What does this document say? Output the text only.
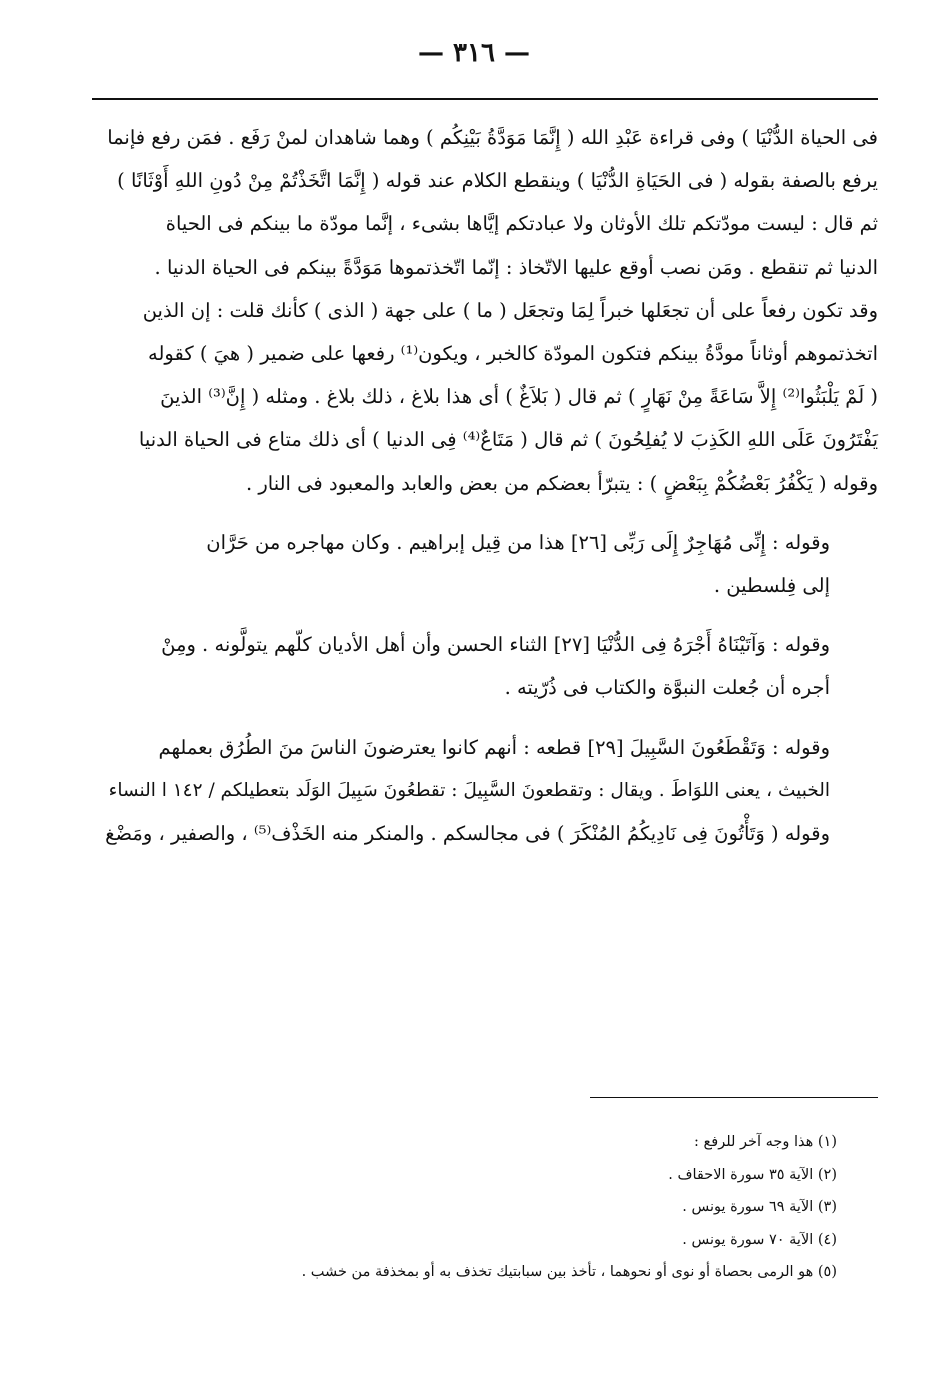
— ٣١٦ —

فى الحياة الدُّنْيَا ) وفى قراءة عَبْدِ الله ( إِنَّمَا مَوَدَّةُ بَيْنِكُم ) وهما شاهدان لمنْ رَفَع . فمَن رفع فإنما
يرفع بالصفة بقوله ( فى الحَيَاةِ الدُّنْيَا ) وينقطع الكلام عند قوله ( إِنَّمَا اتَّخَذْتُمْ مِنْ دُونِ اللهِ أَوْثَانًا )
ثم قال : ليست مودّتكم تلك الأوثان ولا عبادتكم إيَّاها بشىء ، إنَّما مودّة ما بينكم فى الحياة
الدنيا ثم تنقطع . ومَن نصب أوقع عليها الاتّخاذ : إنّما اتّخذتموها مَوَدَّةً بينكم فى الحياة الدنيا .
وقد تكون رفعاً على أن تجعَلها خبراً لِمَا وتجعَل ( ما ) على جهة ( الذى ) كأنك قلت : إن الذين
اتخذتموهم أوثاناً مودَّةُ بينكم فتكون المودّة كالخبر ، ويكون⁽¹⁾ رفعها على ضمير ( هيَ ) كقوله
( لَمْ يَلْبَثُوا⁽²⁾ إِلاَّ سَاعَةً مِنْ نَهَارٍ ) ثم قال ( بَلاَغٌ ) أى هذا بلاغ ، ذلك بلاغ . ومثله ( إِنَّ⁽³⁾ الذينَ
يَفْتَرُونَ عَلَى اللهِ الكَذِبَ لا يُفلِحُونَ ) ثم قال ( مَتَاعٌ⁽⁴⁾ فِى الدنيا ) أى ذلك متاع فى الحياة الدنيا
وقوله ( يَكْفُرُ بَعْضُكُمْ بِبَعْضٍ ) : يتبرّأ بعضكم من بعض والعابد والمعبود فى النار .

وقوله : إِنِّى مُهَاجِرٌ إِلَى رَبِّى [٢٦] هذا من قِيل إبراهيم . وكان مهاجره من حَرَّان
إلى فِلسطين .

وقوله : وَآتَيْنَاهُ أَجْرَهُ فِى الدُّنْيَا [٢٧] الثناء الحسن وأن أهل الأديان كلّهم يتولَّونه . ومِنْ
أجره أن جُعلت النبوَّة والكتاب فى ذُرّيته .

وقوله : وَتَقْطَعُونَ السَّبِيلَ [٢٩] قطعه : أنهم كانوا يعترضونَ الناسَ منَ الطُرُق بعملهم
الخبيث ، يعنى اللوَاطَ . ويقال : وتقطعونَ السَّبِيلَ : تقطعُونَ سَبِيلَ الوَلَد بتعطيلكم / ١٤٢ ا النساء
وقوله ( وَتَأْتُونَ فِى نَادِيكُمُ المُنْكَرَ ) فى مجالسكم . والمنكر منه الخَذْف⁽⁵⁾ ، والصفير ، ومَضْغ

(١) هذا وجه آخر للرفع :
(٢) الآية ٣٥ سورة الاحقاف .
(٣) الآية ٦٩ سورة يونس .
(٤) الآية ٧٠ سورة يونس .
(٥) هو الرمى بحصاة أو نوى أو نحوهما ، تأخذ بين سبابتيك تخذف به أو بمخذفة من خشب .
